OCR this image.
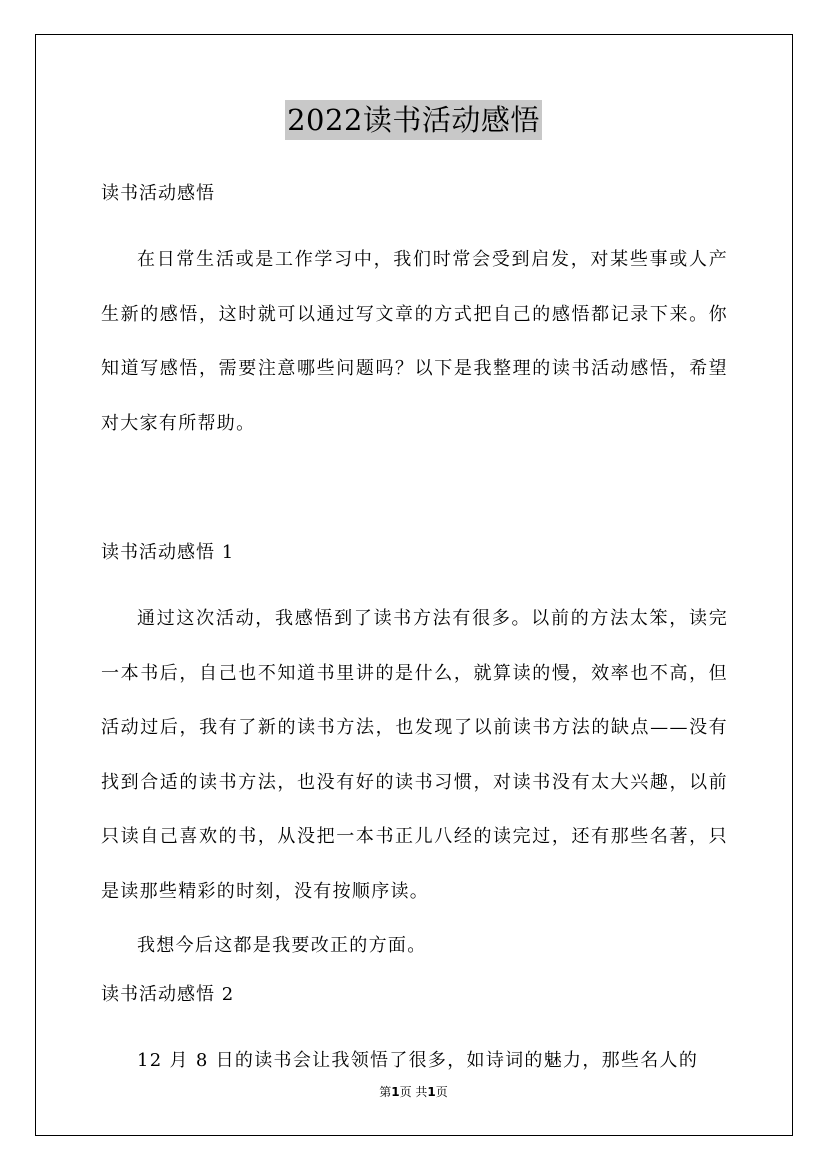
2022读书活动感悟
读书活动感悟

在日常生活或是工作学习中，我们时常会受到启发，对某些事或人产生新的感悟，这时就可以通过写文章的方式把自己的感悟都记录下来。你知道写感悟，需要注意哪些问题吗？以下是我整理的读书活动感悟，希望对大家有所帮助。

读书活动感悟 1

通过这次活动，我感悟到了读书方法有很多。以前的方法太笨，读完一本书后，自己也不知道书里讲的是什么，就算读的慢，效率也不高，但活动过后，我有了新的读书方法，也发现了以前读书方法的缺点——没有找到合适的读书方法，也没有好的读书习惯，对读书没有太大兴趣，以前只读自己喜欢的书，从没把一本书正儿八经的读完过，还有那些名著，只是读那些精彩的时刻，没有按顺序读。

我想今后这都是我要改正的方面。

读书活动感悟 2

12 月 8 日的读书会让我领悟了很多，如诗词的魅力，那些名人的

第1页 共1页
